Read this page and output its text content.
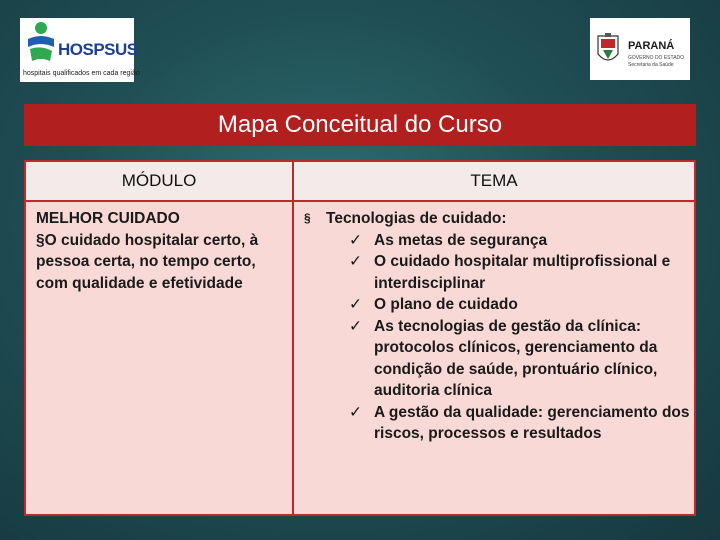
HOSPSUS
hospitais qualificados em cada região
PARANÁ
GOVERNO DO ESTADO
Secretaria da Saúde
Mapa Conceitual do Curso
MÓDULO	TEMA
MELHOR CUIDADO
§O cuidado hospitalar certo, à pessoa certa, no tempo certo, com qualidade e efetividade
§ Tecnologias de cuidado:
✓ As metas de segurança
✓ O cuidado hospitalar multiprofissional e interdisciplinar
✓ O plano de cuidado
✓ As tecnologias de gestão da clínica: protocolos clínicos, gerenciamento da condição de saúde, prontuário clínico, auditoria clínica
✓ A gestão da qualidade: gerenciamento dos riscos, processos e resultados
